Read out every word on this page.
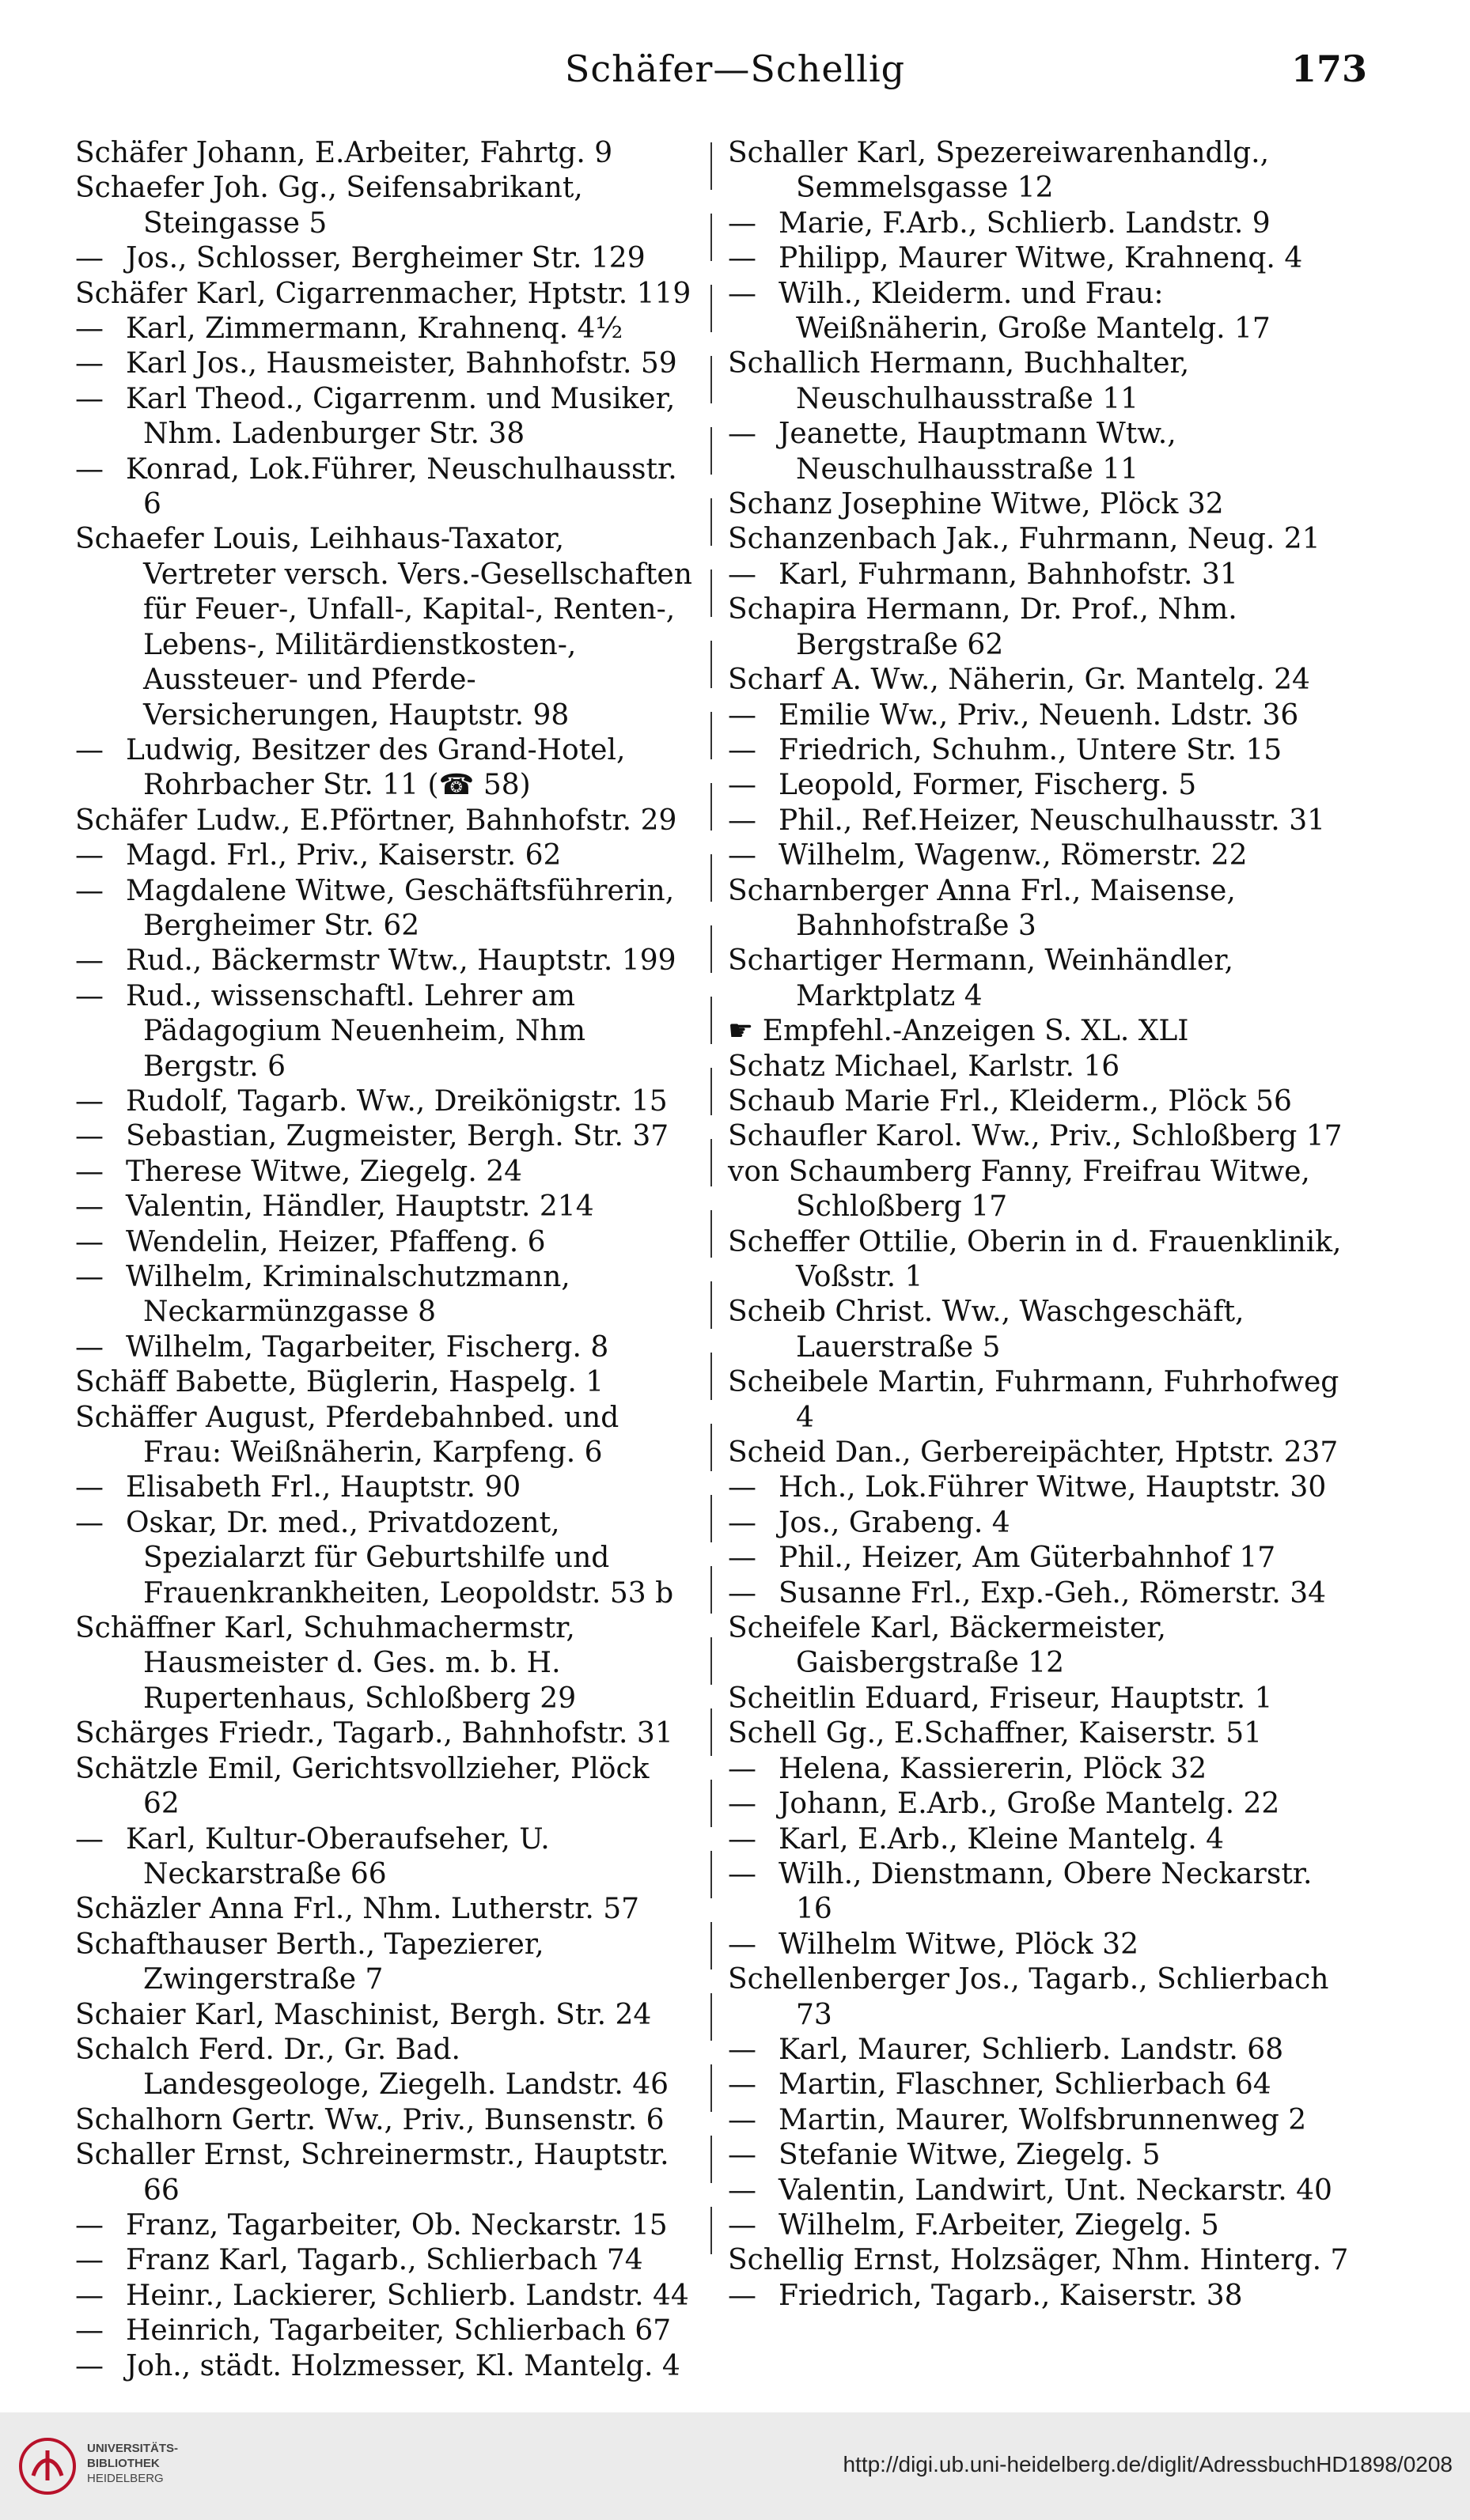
Schäfer—Schellig	173
Schäfer Johann, E.Arbeiter, Fahrtg. 9
Schaefer Joh. Gg., Seifensabrikant, Steingasse 5
— Jos., Schlosser, Bergheimer Str. 129
Schäfer Karl, Cigarrenmacher, Hptstr. 119
— Karl, Zimmermann, Krahnenq. 4½
— Karl Jos., Hausmeister, Bahnhofstr. 59
— Karl Theod., Cigarrenm. und Musiker, Nhm. Ladenburger Str. 38
— Konrad, Lok.Führer, Neuschulhausstr. 6
Schaefer Louis, Leihhaus-Taxator, Vertreter versch. Vers.-Gesellschaften für Feuer-, Unfall-, Kapital-, Renten-, Lebens-, Militärdienstkosten-, Aussteuer- und Pferde-Versicherungen, Hauptstr. 98
— Ludwig, Besitzer des Grand-Hotel, Rohrbacher Str. 11 (☎ 58)
Schäfer Ludw., E.Pförtner, Bahnhofstr. 29
— Magd. Frl., Priv., Kaiserstr. 62
— Magdalene Witwe, Geschäftsführerin, Bergheimer Str. 62
— Rud., Bäckermstr Wtw., Hauptstr. 199
— Rud., wissenschaftl. Lehrer am Pädagogium Neuenheim, Nhm Bergstr. 6
— Rudolf, Tagarb. Ww., Dreikönigstr. 15
— Sebastian, Zugmeister, Bergh. Str. 37
— Therese Witwe, Ziegelg. 24
— Valentin, Händler, Hauptstr. 214
— Wendelin, Heizer, Pfaffeng. 6
— Wilhelm, Kriminalschutzmann, Neckarmünzgasse 8
— Wilhelm, Tagarbeiter, Fischerg. 8
Schäff Babette, Büglerin, Haspelg. 1
Schäffer August, Pferdebahnbed. und Frau: Weißnäherin, Karpfeng. 6
— Elisabeth Frl., Hauptstr. 90
— Oskar, Dr. med., Privatdozent, Spezialarzt für Geburtshilfe und Frauenkrankheiten, Leopoldstr. 53 b
Schäffner Karl, Schuhmachermstr, Hausmeister d. Ges. m. b. H. Rupertenhaus, Schloßberg 29
Schärges Friedr., Tagarb., Bahnhofstr. 31
Schätzle Emil, Gerichtsvollzieher, Plöck 62
— Karl, Kultur-Oberaufseher, U. Neckarstraße 66
Schäzler Anna Frl., Nhm. Lutherstr. 57
Schafthauser Berth., Tapezierer, Zwingerstraße 7
Schaier Karl, Maschinist, Bergh. Str. 24
Schalch Ferd. Dr., Gr. Bad. Landesgeologe, Ziegelh. Landstr. 46
Schalhorn Gertr. Ww., Priv., Bunsenstr. 6
Schaller Ernst, Schreinermstr., Hauptstr. 66
— Franz, Tagarbeiter, Ob. Neckarstr. 15
— Franz Karl, Tagarb., Schlierbach 74
— Heinr., Lackierer, Schlierb. Landstr. 44
— Heinrich, Tagarbeiter, Schlierbach 67
— Joh., städt. Holzmesser, Kl. Mantelg. 4
Schaller Karl, Spezereiwarenhandlg., Semmelsgasse 12
— Marie, F.Arb., Schlierb. Landstr. 9
— Philipp, Maurer Witwe, Krahnenq. 4
— Wilh., Kleiderm. und Frau: Weißnäherin, Große Mantelg. 17
Schallich Hermann, Buchhalter, Neuschulhausstraße 11
— Jeanette, Hauptmann Wtw., Neuschulhausstraße 11
Schanz Josephine Witwe, Plöck 32
Schanzenbach Jak., Fuhrmann, Neug. 21
— Karl, Fuhrmann, Bahnhofstr. 31
Schapira Hermann, Dr. Prof., Nhm. Bergstraße 62
Scharf A. Ww., Näherin, Gr. Mantelg. 24
— Emilie Ww., Priv., Neuenh. Ldstr. 36
— Friedrich, Schuhm., Untere Str. 15
— Leopold, Former, Fischerg. 5
— Phil., Ref.Heizer, Neuschulhausstr. 31
— Wilhelm, Wagenw., Römerstr. 22
Scharnberger Anna Frl., Maisense, Bahnhofstraße 3
Schartiger Hermann, Weinhändler, Marktplatz 4
☛ Empfehl.-Anzeigen S. XL. XLI
Schatz Michael, Karlstr. 16
Schaub Marie Frl., Kleiderm., Plöck 56
Schaufler Karol. Ww., Priv., Schloßberg 17
von Schaumberg Fanny, Freifrau Witwe, Schloßberg 17
Scheffer Ottilie, Oberin in d. Frauenklinik, Voßstr. 1
Scheib Christ. Ww., Waschgeschäft, Lauerstraße 5
Scheibele Martin, Fuhrmann, Fuhrhofweg 4
Scheid Dan., Gerbereipächter, Hptstr. 237
— Hch., Lok.Führer Witwe, Hauptstr. 30
— Jos., Grabeng. 4
— Phil., Heizer, Am Güterbahnhof 17
— Susanne Frl., Exp.-Geh., Römerstr. 34
Scheifele Karl, Bäckermeister, Gaisbergstraße 12
Scheitlin Eduard, Friseur, Hauptstr. 1
Schell Gg., E.Schaffner, Kaiserstr. 51
— Helena, Kassiererin, Plöck 32
— Johann, E.Arb., Große Mantelg. 22
— Karl, E.Arb., Kleine Mantelg. 4
— Wilh., Dienstmann, Obere Neckarstr. 16
— Wilhelm Witwe, Plöck 32
Schellenberger Jos., Tagarb., Schlierbach 73
— Karl, Maurer, Schlierb. Landstr. 68
— Martin, Flaschner, Schlierbach 64
— Martin, Maurer, Wolfsbrunnenweg 2
— Stefanie Witwe, Ziegelg. 5
— Valentin, Landwirt, Unt. Neckarstr. 40
— Wilhelm, F.Arbeiter, Ziegelg. 5
Schellig Ernst, Holzsäger, Nhm. Hinterg. 7
— Friedrich, Tagarb., Kaiserstr. 38
UNIVERSITÄTS-
BIBLIOTHEK
HEIDELBERG
http://digi.ub.uni-heidelberg.de/diglit/AdressbuchHD1898/0208
